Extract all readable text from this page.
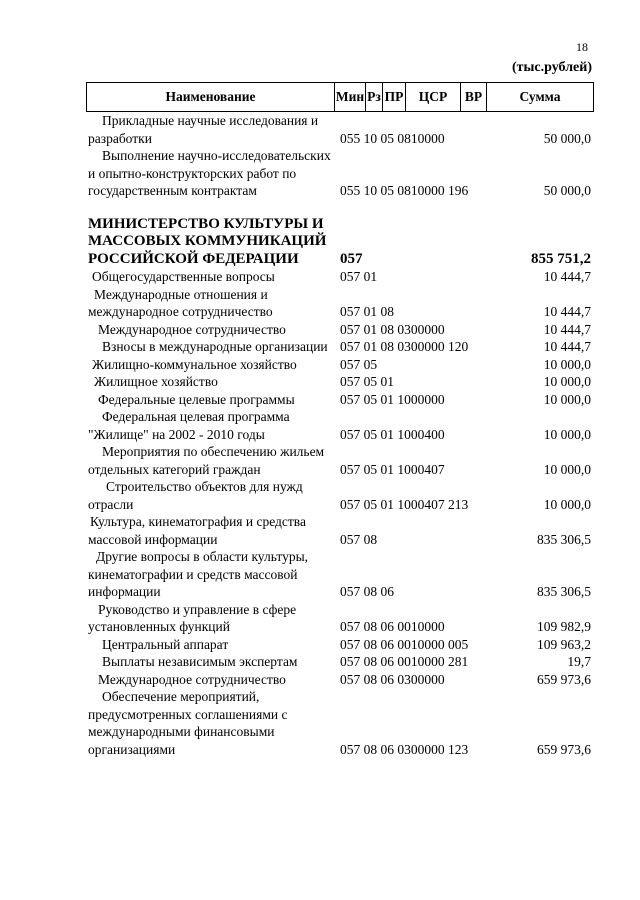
18
(тыс.рублей)
Наименование	Мин Рз ПР	ЦСР	ВР	Сумма
Прикладные научные исследования и разработки	055 10 05 0810000	50 000,0
Выполнение научно-исследовательских и опытно-конструкторских работ по государственным контрактам	055 10 05 0810000 196	50 000,0
МИНИСТЕРСТВО КУЛЬТУРЫ И МАССОВЫХ КОММУНИКАЦИЙ РОССИЙСКОЙ ФЕДЕРАЦИИ	057	855 751,2
Общегосударственные вопросы	057 01	10 444,7
Международные отношения и международное сотрудничество	057 01 08	10 444,7
Международное сотрудничество	057 01 08 0300000	10 444,7
Взносы в международные организации 057 01 08 0300000 120	10 444,7
Жилищно-коммунальное хозяйство	057 05	10 000,0
Жилищное хозяйство	057 05 01	10 000,0
Федеральные целевые программы	057 05 01 1000000	10 000,0
Федеральная целевая программа "Жилище" на 2002 - 2010 годы	057 05 01 1000400	10 000,0
Мероприятия по обеспечению жильем отдельных категорий граждан	057 05 01 1000407	10 000,0
Строительство объектов для нужд отрасли	057 05 01 1000407 213	10 000,0
Культура, кинематография и средства массовой информации	057 08	835 306,5
Другие вопросы в области культуры, кинематографии и средств массовой информации	057 08 06	835 306,5
Руководство и управление в сфере установленных функций	057 08 06 0010000	109 982,9
Центральный аппарат	057 08 06 0010000 005	109 963,2
Выплаты независимым экспертам	057 08 06 0010000 281	19,7
Международное сотрудничество	057 08 06 0300000	659 973,6
Обеспечение мероприятий, предусмотренных соглашениями с международными финансовыми организациями	057 08 06 0300000 123	659 973,6
